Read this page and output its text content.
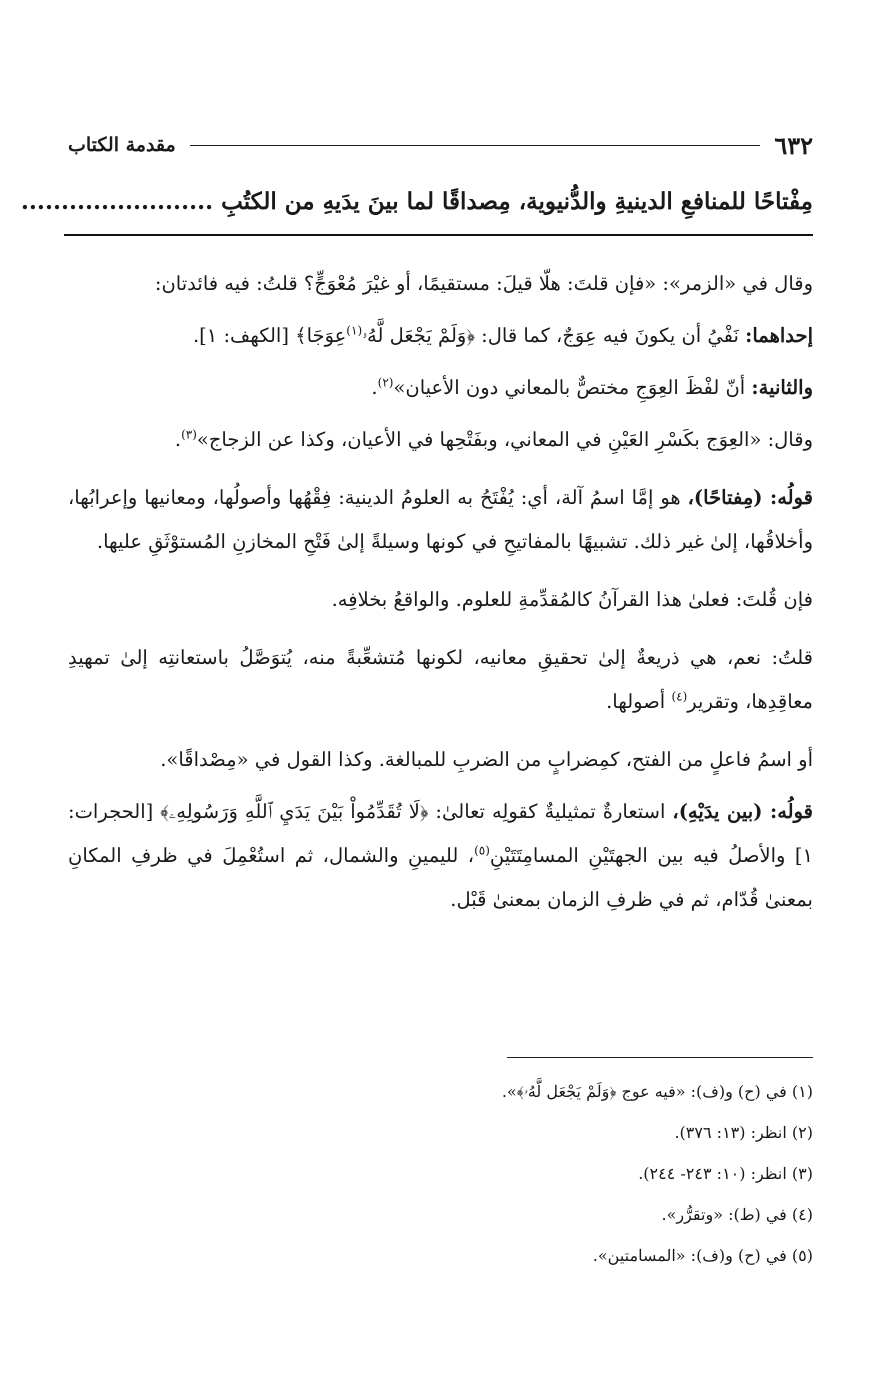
٦٣٢
مقدمة الكتاب
مِفْتاحًا للمنافعِ الدينيةِ والدُّنيوية، مِصداقًا لما بينَ يدَيهِ من الكتُبِ ........................

وقال في «الزمر»: «فإن قلتَ: هلّا قيلَ: مستقيمًا، أو غيْرَ مُعْوَجٍّ؟ قلتُ: فيه فائدتان:

إحداهما: نَفْيُ أن يكونَ فيه عِوَجٌ، كما قال: ﴿وَلَمْ يَجْعَل لَّهُۥ$^{(١)}$عِوَجَا﴾ [الكهف: ١].

والثانية: أنّ لفْظَ العِوَجِ مختصٌّ بالمعاني دون الأعيان»$^{(٢)}$.

وقال: «العِوَج بكَسْرِ العَيْنِ في المعاني، وبفَتْحِها في الأعيان، وكذا عن الزجاج»$^{(٣)}$.

قولُه: (مِفتاحًا)، هو إمَّا اسمُ آلة، أي: يُفْتَحُ به العلومُ الدينية: فِقْهُها وأصولُها، ومعانيها وإعرابُها، وأخلاقُها، إلىٰ غير ذلك. تشبيهًا بالمفاتيحِ في كونها وسيلةً إلىٰ فَتْحِ المخازنِ المُستوْثَقِ عليها.

فإن قُلتَ: فعلىٰ هذا القرآنُ كالمُقدِّمةِ للعلوم. والواقعُ بخلافِه.

قلتُ: نعم، هي ذريعةٌ إلىٰ تحقيقِ معانيه، لكونها مُتشعِّبةً منه، يُتوَصَّلُ باستعانتِه إلىٰ تمهيدِ معاقِدِها، وتقرير$^{(٤)}$ أصولها.

أو اسمُ فاعلٍ من الفتح، كمِضرابٍ من الضربِ للمبالغة. وكذا القول في «مِصْداقًا».

قولُه: (بين يدَيْهِ)، استعارةٌ تمثيليةٌ كقولِه تعالىٰ: ﴿لَا تُقَدِّمُواْ بَيْنَ يَدَيِ ٱللَّهِ وَرَسُولِهِۦ﴾ [الحجرات: ١] والأصلُ فيه بين الجهتَيْنِ المسامِتَتَيْنِ$^{(٥)}$، لليمينِ والشمال، ثم استُعْمِلَ في ظرفِ المكانِ بمعنىٰ قُدّام، ثم في ظرفِ الزمان بمعنىٰ قَبْل.

(١) في (ح) و(ف): «فيه عوج ﴿وَلَمْ يَجْعَل لَّهُۥ﴾».
(٢) انظر: (١٣: ٣٧٦).
(٣) انظر: (١٠: ٢٤٣- ٢٤٤).
(٤) في (ط): «وتقرُّر».
(٥) في (ح) و(ف): «المسامتين».
